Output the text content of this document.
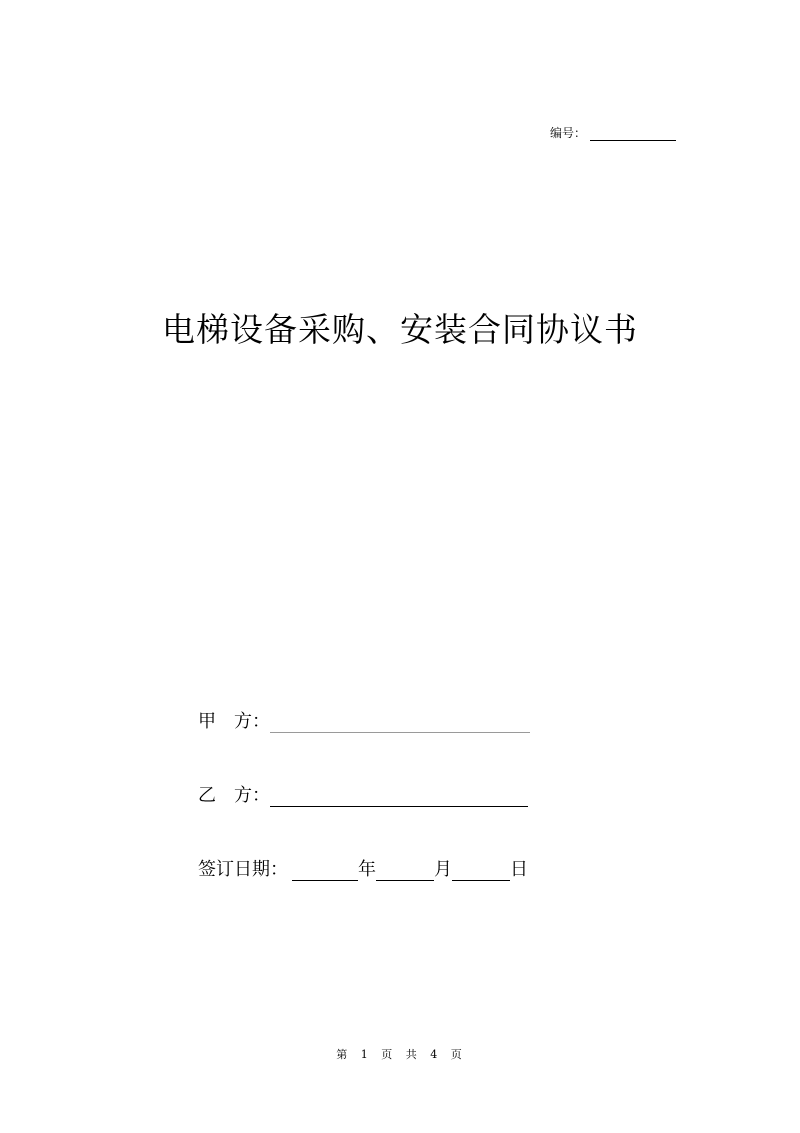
编号：
电梯设备采购、安装合同协议书
甲　方：
乙　方：
签订日期：	年	月	日
第 1 页 共 4 页
